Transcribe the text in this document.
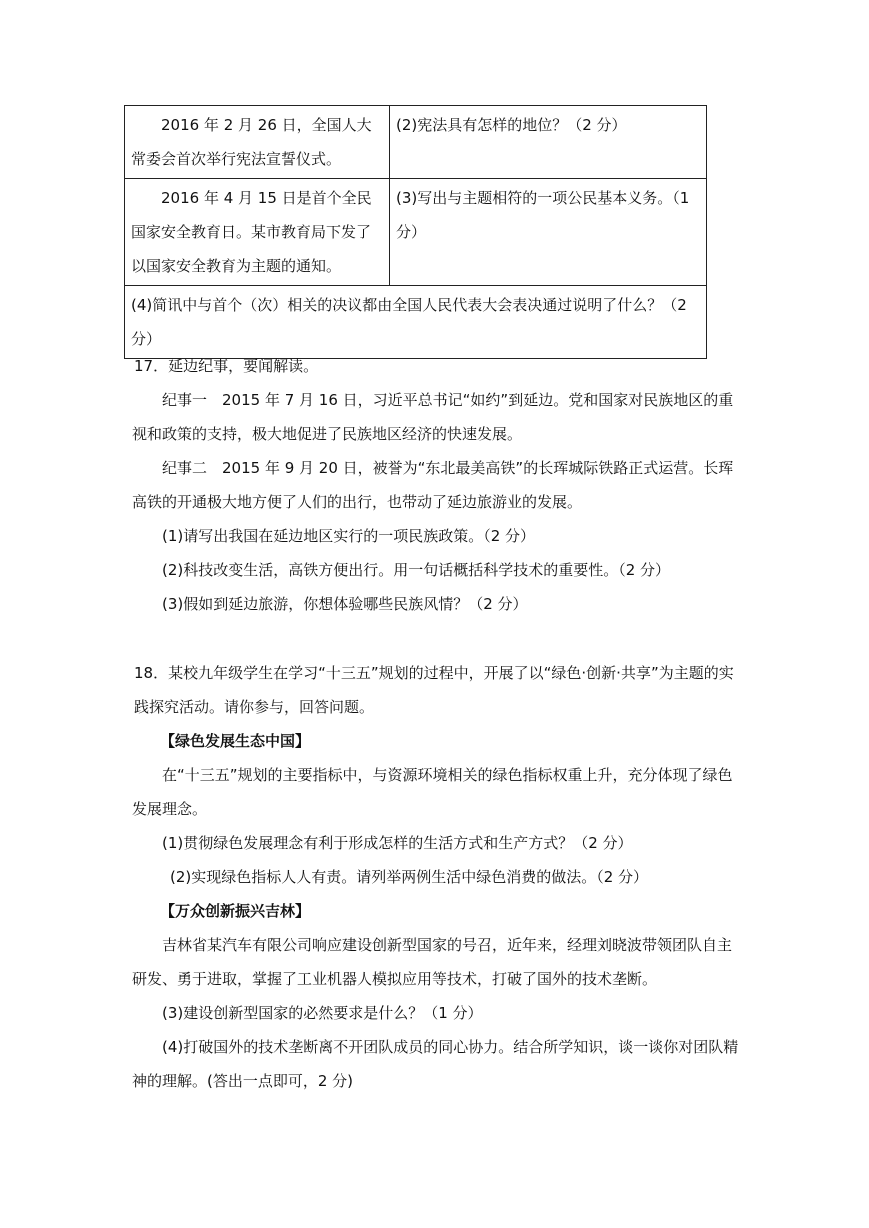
2016 年 2 月 26 日，全国人大常委会首次举行宪法宣誓仪式。	(2)宪法具有怎样的地位？（2 分）

2016 年 4 月 15 日是首个全民国家安全教育日。某市教育局下发了以国家安全教育为主题的通知。	(3)写出与主题相符的一项公民基本义务。（1 分）
(4)简讯中与首个（次）相关的决议都由全国人民代表大会表决通过说明了什么？（2 分）	

17．延边纪事，要闻解读。

纪事一　2015 年 7 月 16 日，习近平总书记“如约”到延边。党和国家对民族地区的重视和政策的支持，极大地促进了民族地区经济的快速发展。

纪事二　2015 年 9 月 20 日，被誉为“东北最美高铁”的长珲城际铁路正式运营。长珲高铁的开通极大地方便了人们的出行，也带动了延边旅游业的发展。

(1)请写出我国在延边地区实行的一项民族政策。（2 分）

(2)科技改变生活，高铁方便出行。用一句话概括科学技术的重要性。（2 分）

(3)假如到延边旅游，你想体验哪些民族风情？（2 分）

18．某校九年级学生在学习“十三五”规划的过程中，开展了以“绿色·创新·共享”为主题的实践探究活动。请你参与，回答问题。

【绿色发展生态中国】

在“十三五”规划的主要指标中，与资源环境相关的绿色指标权重上升，充分体现了绿色发展理念。

(1)贯彻绿色发展理念有利于形成怎样的生活方式和生产方式？（2 分）

(2)实现绿色指标人人有责。请列举两例生活中绿色消费的做法。（2 分）

【万众创新振兴吉林】

吉林省某汽车有限公司响应建设创新型国家的号召，近年来，经理刘晓波带领团队自主研发、勇于进取，掌握了工业机器人模拟应用等技术，打破了国外的技术垄断。

(3)建设创新型国家的必然要求是什么？（1 分）

(4)打破国外的技术垄断离不开团队成员的同心协力。结合所学知识，谈一谈你对团队精神的理解。(答出一点即可，2 分)
